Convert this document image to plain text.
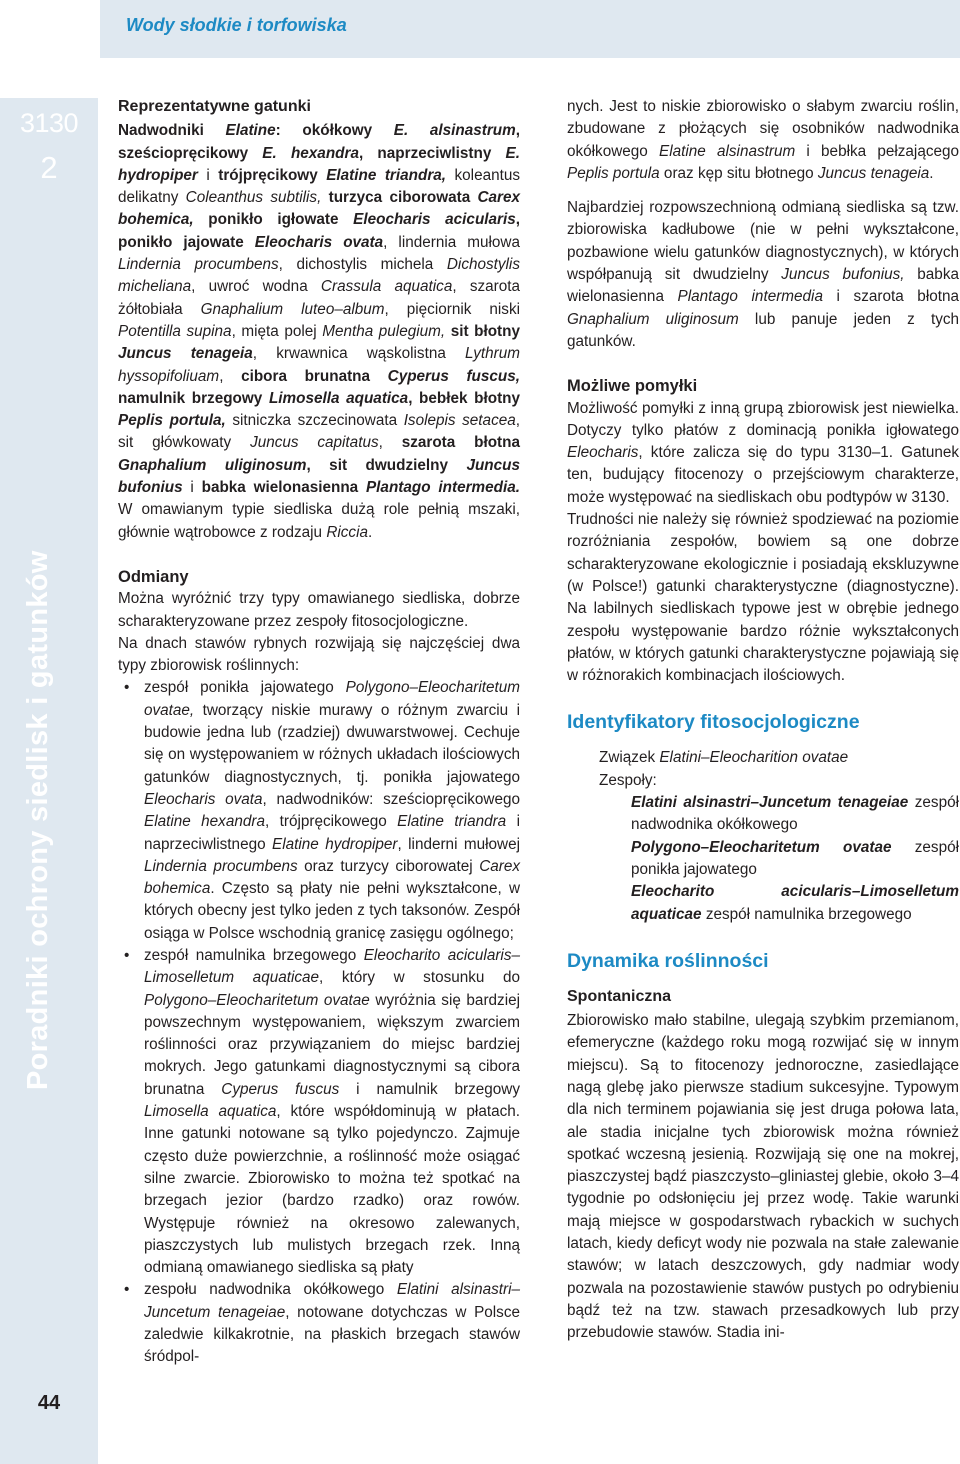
Wody słodkie i torfowiska
3130
2
Poradniki ochrony siedlisk i gatunków
44
Reprezentatywne gatunki

Nadwodniki Elatine: okółkowy E. alsinastrum, sześciopręcikowy E. hexandra, naprzeciwlistny E. hydropiper i trójpręcikowy Elatine triandra, koleantus delikatny Coleanthus subtilis, turzyca ciborowata Carex bohemica, ponikło igłowate Eleocharis acicularis, ponikło jajowate Eleocharis ovata, lindernia mułowa Lindernia procumbens, dichostylis michela Dichostylis micheliana, uwroć wodna Crassula aquatica, szarota żółtobiała Gnaphalium luteo–album, pięciornik niski Potentilla supina, mięta polej Mentha pulegium, sit błotny Juncus tenageia, krwawnica wąskolistna Lythrum hyssopifoliuam, cibora brunatna Cyperus fuscus, namulnik brzegowy Limosella aquatica, bebłek błotny Peplis portula, sitniczka szczecinowata Isolepis setacea, sit główkowaty Juncus capitatus, szarota błotna Gnaphalium uliginosum, sit dwudzielny Juncus bufonius i babka wielonasienna Plantago intermedia. W omawianym typie siedliska dużą role pełnią mszaki, głównie wątrobowce z rodzaju Riccia.

Odmiany

Można wyróżnić trzy typy omawianego siedliska, dobrze scharakteryzowane przez zespoły fitosocjologiczne.

Na dnach stawów rybnych rozwijają się najczęściej dwa typy zbiorowisk roślinnych:

• zespół ponikła jajowatego Polygono–Eleocharitetum ovatae, tworzący niskie murawy o różnym zwarciu i budowie jedna lub (rzadziej) dwuwarstwowej. Cechuje się on występowaniem w różnych układach ilościowych gatunków diagnostycznych, tj. ponikła jajowatego Eleocharis ovata, nadwodników: sześciopręcikowego Elatine hexandra, trójpręcikowego Elatine triandra i naprzeciwlistnego Elatine hydropiper, linderni mułowej Lindernia procumbens oraz turzycy ciborowatej Carex bohemica. Często są płaty nie pełni wykształcone, w których obecny jest tylko jeden z tych taksonów. Zespół osiąga w Polsce wschodnią granicę zasięgu ogólnego;
• zespół namulnika brzegowego Eleocharito acicularis–Limoselletum aquaticae, który w stosunku do Polygono–Eleocharitetum ovatae wyróżnia się bardziej powszechnym występowaniem, większym zwarciem roślinności oraz przywiązaniem do miejsc bardziej mokrych. Jego gatunkami diagnostycznymi są cibora brunatna Cyperus fuscus i namulnik brzegowy Limosella aquatica, które współdominują w płatach. Inne gatunki notowane są tylko pojedynczo. Zajmuje często duże powierzchnie, a roślinność może osiągać silne zwarcie. Zbiorowisko to można też spotkać na brzegach jezior (bardzo rzadko) oraz rowów. Występuje również na okresowo zalewanych, piaszczystych lub mulistych brzegach rzek. Inną odmianą omawianego siedliska są płaty
• zespołu nadwodnika okółkowego Elatini alsinastri–Juncetum tenageiae, notowane dotychczas w Polsce zaledwie kilkakrotnie, na płaskich brzegach stawów śródpol-

nych. Jest to niskie zbiorowisko o słabym zwarciu roślin, zbudowane z płożących się osobników nadwodnika okółkowego Elatine alsinastrum i bebłka pełzającego Peplis portula oraz kęp situ błotnego Juncus tenageia.

Najbardziej rozpowszechnioną odmianą siedliska są tzw. zbiorowiska kadłubowe (nie w pełni wykształcone, pozbawione wielu gatunków diagnostycznych), w których współpanują sit dwudzielny Juncus bufonius, babka wielonasienna Plantago intermedia i szarota błotna Gnaphalium uliginosum lub panuje jeden z tych gatunków.

Możliwe pomyłki

Możliwość pomyłki z inną grupą zbiorowisk jest niewielka. Dotyczy tylko płatów z dominacją ponikła igłowatego Eleocharis, które zalicza się do typu 3130–1. Gatunek ten, budujący fitocenozy o przejściowym charakterze, może występować na siedliskach obu podtypów w 3130.

Trudności nie należy się również spodziewać na poziomie rozróżniania zespołów, bowiem są one dobrze scharakteryzowane ekologicznie i posiadają ekskluzywne (w Polsce!) gatunki charakterystyczne (diagnostyczne). Na labilnych siedliskach typowe jest w obrębie jednego zespołu występowanie bardzo różnie wykształconych płatów, w których gatunki charakterystyczne pojawiają się w różnorakich kombinacjach ilościowych.

Identyfikatory fitosocjologiczne

Związek Elatini–Eleocharition ovatae

Zespoły:

Elatini alsinastri–Juncetum tenageiae zespół nadwodnika okółkowego

Polygono–Eleocharitetum ovatae zespół ponikła jajowatego

Eleocharito acicularis–Limoselletum aquaticae zespół namulnika brzegowego

Dynamika roślinności
Spontaniczna

Zbiorowisko mało stabilne, ulegają szybkim przemianom, efemeryczne (każdego roku mogą rozwijać się w innym miejscu). Są to fitocenozy jednoroczne, zasiedlające nagą glebę jako pierwsze stadium sukcesyjne. Typowym dla nich terminem pojawiania się jest druga połowa lata, ale stadia inicjalne tych zbiorowisk można również spotkać wczesną jesienią. Rozwijają się one na mokrej, piaszczystej bądź piaszczysto–gliniastej glebie, około 3–4 tygodnie po odsłonięciu jej przez wodę. Takie warunki mają miejsce w gospodarstwach rybackich w suchych latach, kiedy deficyt wody nie pozwala na stałe zalewanie stawów; w latach deszczowych, gdy nadmiar wody pozwala na pozostawienie stawów pustych po odrybieniu bądź też na tzw. stawach przesadkowych lub przy przebudowie stawów. Stadia ini-
